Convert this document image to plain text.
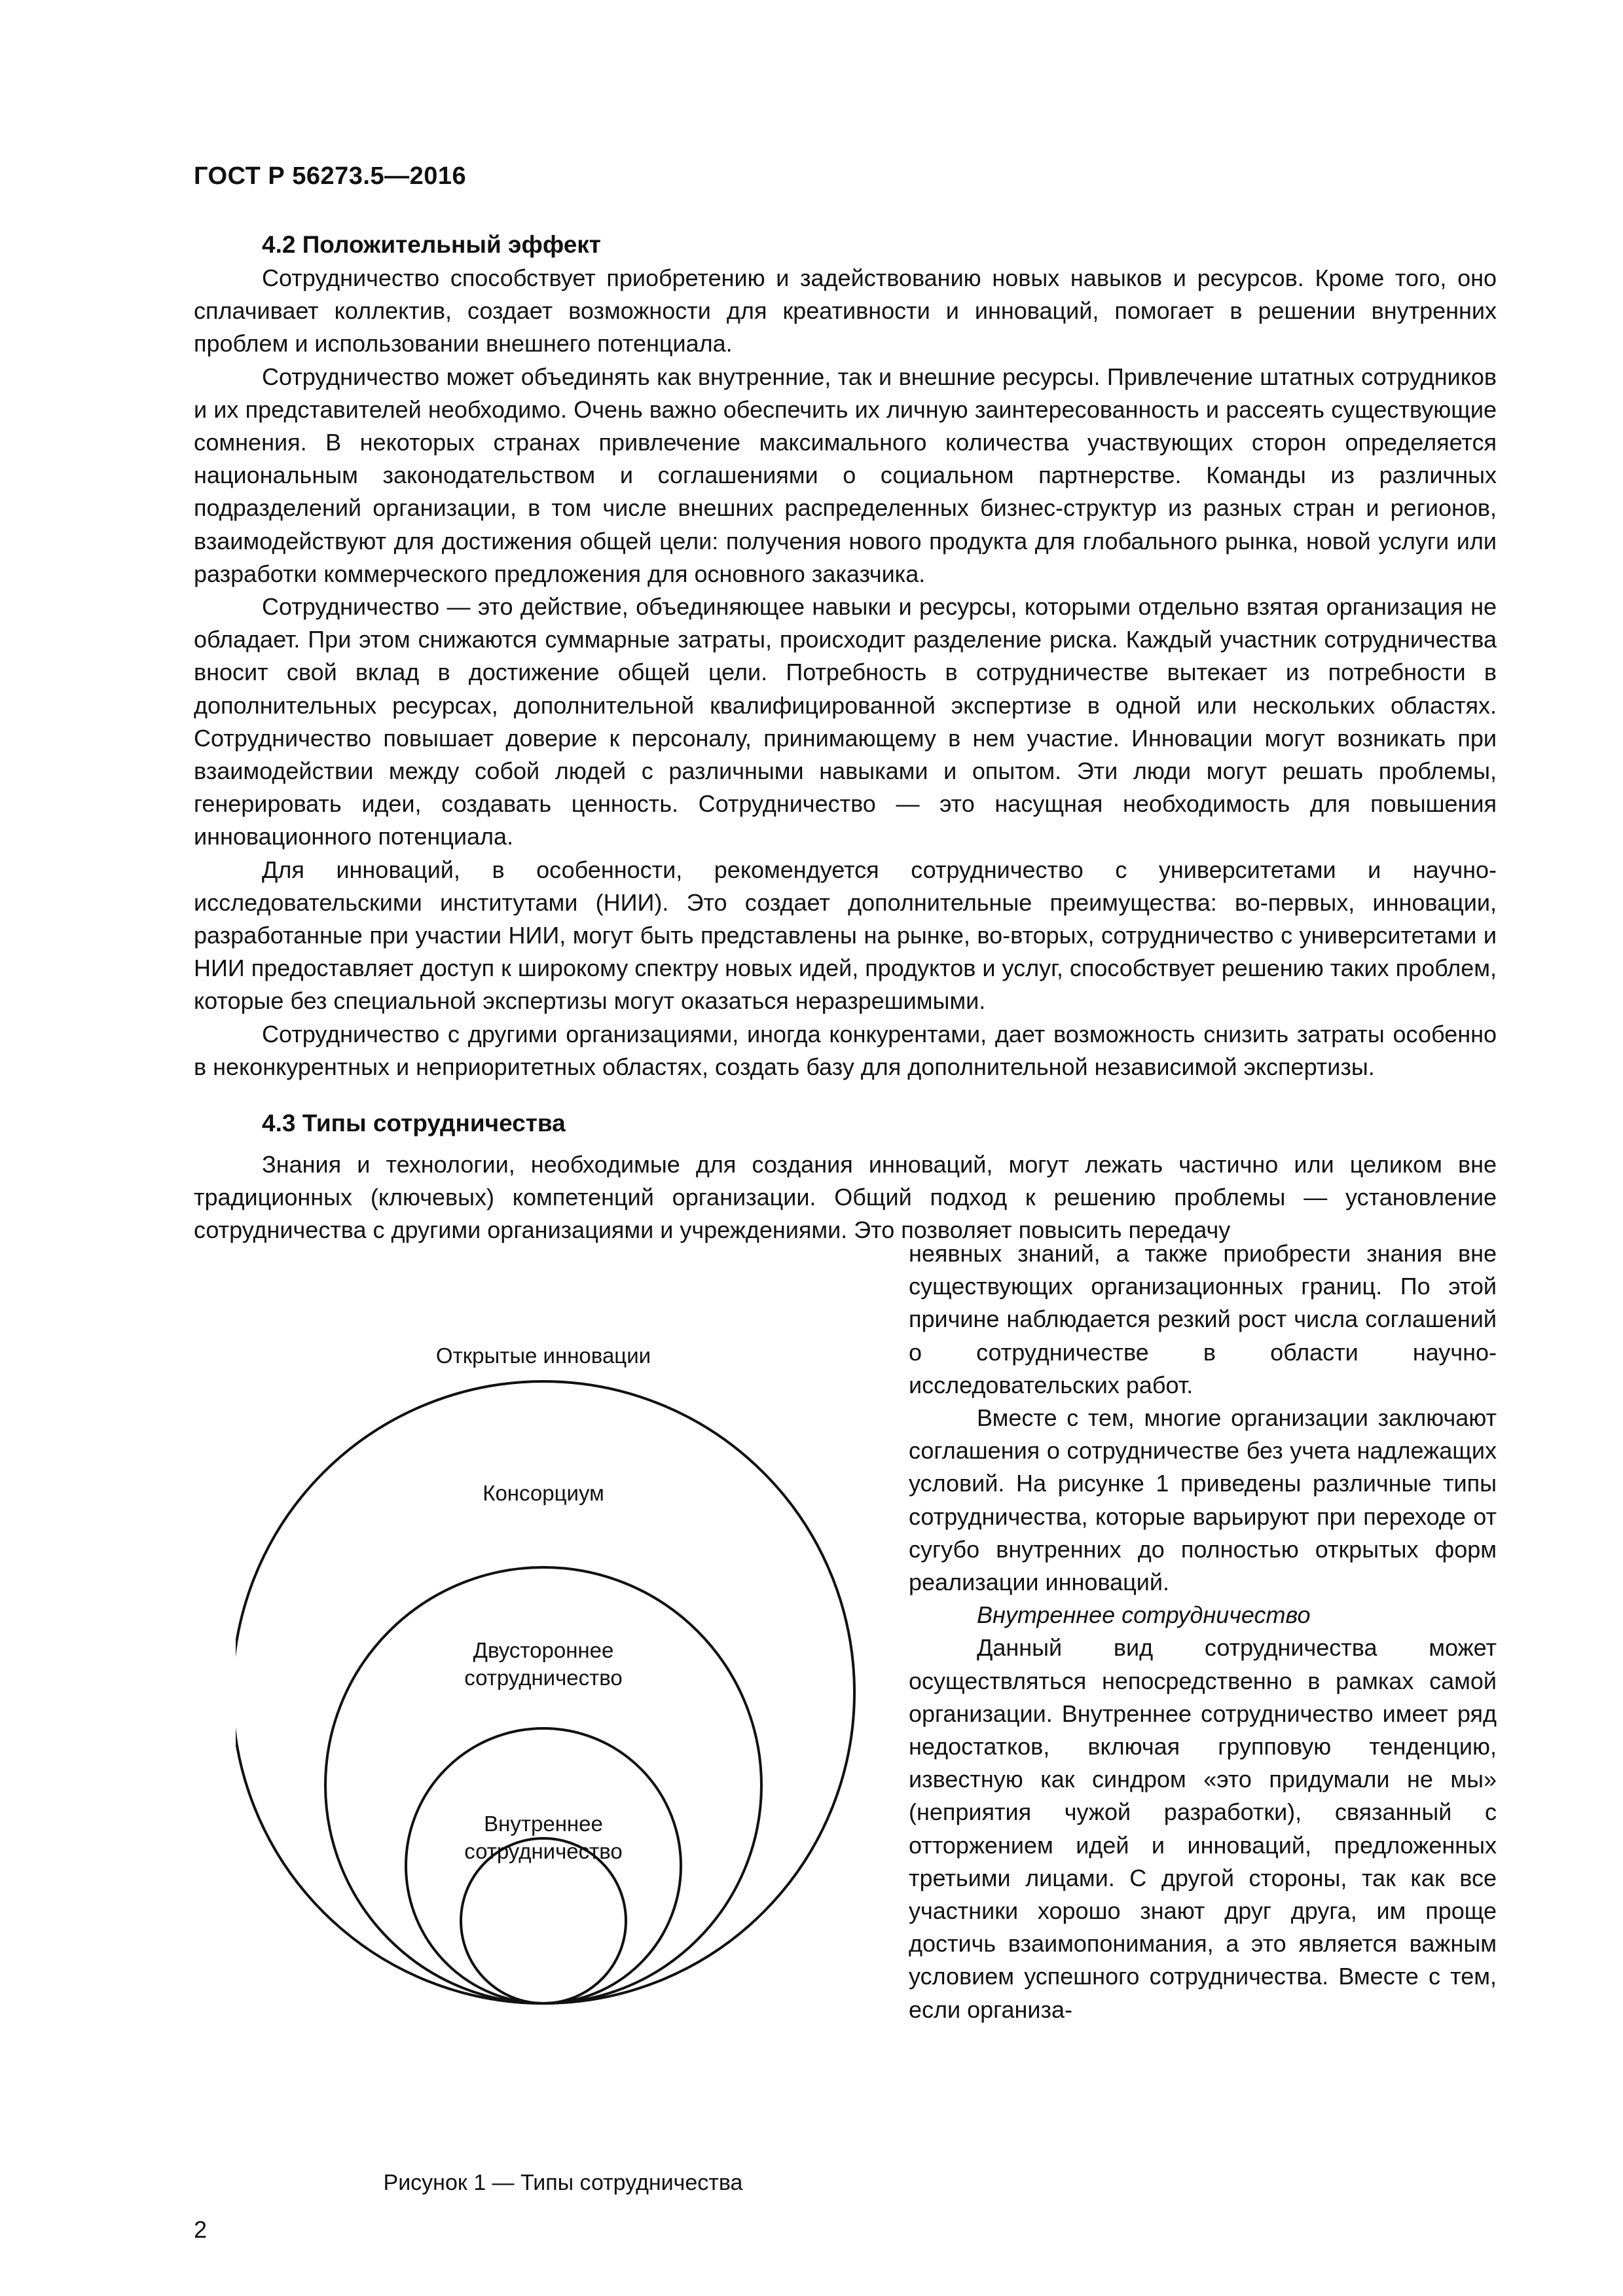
ГОСТ Р 56273.5—2016
4.2 Положительный эффект

Сотрудничество способствует приобретению и задействованию новых навыков и ресурсов. Кроме того, оно сплачивает коллектив, создает возможности для креативности и инноваций, помогает в решении внутренних проблем и использовании внешнего потенциала.

Сотрудничество может объединять как внутренние, так и внешние ресурсы. Привлечение штатных сотрудников и их представителей необходимо. Очень важно обеспечить их личную заинтересованность и рассеять существующие сомнения. В некоторых странах привлечение максимального количества участвующих сторон определяется национальным законодательством и соглашениями о социальном партнерстве. Команды из различных подразделений организации, в том числе внешних распределенных бизнес-структур из разных стран и регионов, взаимодействуют для достижения общей цели: получения нового продукта для глобального рынка, новой услуги или разработки коммерческого предложения для основного заказчика.

Сотрудничество — это действие, объединяющее навыки и ресурсы, которыми отдельно взятая организация не обладает. При этом снижаются суммарные затраты, происходит разделение риска. Каждый участник сотрудничества вносит свой вклад в достижение общей цели. Потребность в сотрудничестве вытекает из потребности в дополнительных ресурсах, дополнительной квалифицированной экспертизе в одной или нескольких областях. Сотрудничество повышает доверие к персоналу, принимающему в нем участие. Инновации могут возникать при взаимодействии между собой людей с различными навыками и опытом. Эти люди могут решать проблемы, генерировать идеи, создавать ценность. Сотрудничество — это насущная необходимость для повышения инновационного потенциала.

Для инноваций, в особенности, рекомендуется сотрудничество с университетами и научно-исследовательскими институтами (НИИ). Это создает дополнительные преимущества: во-первых, инновации, разработанные при участии НИИ, могут быть представлены на рынке, во-вторых, сотрудничество с университетами и НИИ предоставляет доступ к широкому спектру новых идей, продуктов и услуг, способствует решению таких проблем, которые без специальной экспертизы могут оказаться неразрешимыми.

Сотрудничество с другими организациями, иногда конкурентами, дает возможность снизить затраты особенно в неконкурентных и неприоритетных областях, создать базу для дополнительной независимой экспертизы.

4.3 Типы сотрудничества

Знания и технологии, необходимые для создания инноваций, могут лежать частично или целиком вне традиционных (ключевых) компетенций организации. Общий подход к решению проблемы — установление сотрудничества с другими организациями и учреждениями. Это позволяет повысить передачу

неявных знаний, а также приобрести знания вне существующих организационных границ. По этой причине наблюдается резкий рост числа соглашений о сотрудничестве в области научно-исследовательских работ.

Вместе с тем, многие организации заключают соглашения о сотрудничестве без учета надлежащих условий. На рисунке 1 приведены различные типы сотрудничества, которые варьируют при переходе от сугубо внутренних до полностью открытых форм реализации инноваций.

Внутреннее сотрудничество

Данный вид сотрудничества может осуществляться непосредственно в рамках самой организации. Внутреннее сотрудничество имеет ряд недостатков, включая групповую тенденцию, известную как синдром «это придумали не мы» (неприятия чужой разработки), связанный с отторжением идей и инноваций, предложенных третьими лицами. С другой стороны, так как все участники хорошо знают друг друга, им проще достичь взаимопонимания, а это является важным условием успешного сотрудничества. Вместе с тем, если организа-

Открытые инновации
Консорциум
Двустороннее сотрудничество
Внутреннее сотрудничество
Рисунок 1 — Типы сотрудничества
2
